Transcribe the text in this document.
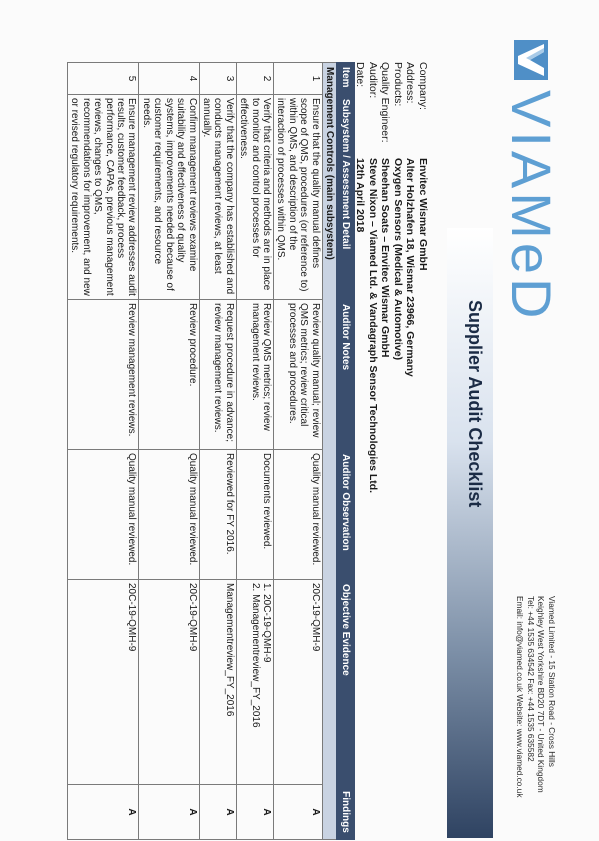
VIAMeD
Viamed Limited - 15 Station Road - Cross Hills
Keighley West Yorkshire BD20 7DT - United Kingdom
Tel: +44 1535 634542 Fax: +44 1535 635582
Email: info@viamed.co.uk Website: www.viamed.co.uk
Supplier Audit Checklist
Company:
Envitec Wismar GmbH
Address:
Alter Holzhafen 18, Wismar 23966, Germany
Products:
Oxygen Sensors (Medical & Automotive)
Quality Engineer:
Sheehan Soats – Envitec Wismar GmbH
Auditor:
Steve Nixon – Viamed Ltd. & Vandagraph Sensor Technologies Ltd.
Date:
12th April 2018
Item	Subsystem / Assessment Detail	Auditor Notes	Auditor Observation	Objective Evidence	Findings
Management Controls (main subsystem)					
1	Ensure that the quality manual defines scope of QMS, procedures (or reference to) within QMS, and description of the interaction of processes within QMS.	Review quality manual; review QMS metrics; review critical processes and procedures.	Quality manual reviewed.	20C-19-QMH-9	A
2	Verify that criteria and methods are in place to monitor and control processes for effectiveness.	Review QMS metrics; review management reviews.	Documents reviewed.	1. 20C-19-QMH-9
2. Managementreview_FY_2016	A
3	Verify that the company has established and conducts management reviews, at least annually.	Request procedure in advance; review management reviews.	Reviewed for FY 2016.	Managementreview_FY_2016	A
4	Confirm management reviews examine suitability and effectiveness of quality systems, improvements needed because of customer requirements, and resource needs.	Review procedure.	Quality manual reviewed.	20C-19-QMH-9	A
5	Ensure management review addresses audit results, customer feedback, process performance, CAPAs, previous management reviews, changes to QMS, recommendations for improvement, and new or revised regulatory requirements.	Review management reviews.	Quality manual reviewed.	20C-19-QMH-9	A
